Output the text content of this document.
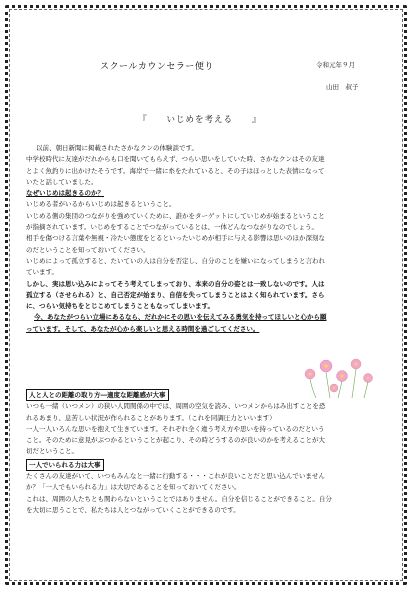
スクールカウンセラー便り	令和元年９月
山田　叔子
『　　いじめを考える　　』

以前、朝日新聞に掲載されたさかなクンの体験談です。

中学校時代に友達がだれからも口を聞いてもらえず、つらい思いをしていた時、さかなクンはその友達

とよく魚釣りに出かけたそうです。海岸で一緒に糸をたれていると、その子はほっとした表情になって

いたと話していました。

なぜいじめは起きるのか？

いじめる者がいるからいじめは起きるということ。

いじめる側の集団のつながりを強めていくために、誰かをターゲットにしていじめが始まるということ

が指摘されています。いじめをすることでつながっているとは、一体どんなつながりなのでしょう。

相手を傷つける言葉や無視・冷たい態度をとるといったいじめが相手に与える影響は思いのほか深刻な

のだということを知っておいてください。

いじめによって孤立すると、たいていの人は自分を否定し、自分のことを嫌いになってしまうと言われ

ています。

しかし、実は思い込みによってそう考えてしまっており、本来の自分の姿とは一致しないのです。人は

孤立する（させられる）と、自己否定が始まり、自信を失ってしまうことはよく知られています。さら

に、つらい気持ちをとじこめてしまうこともなってしまいます。

今、あなたがつらい立場にあるなら、だれかにその思いを伝えてみる勇気を持ってほしいと心から願

っています。そして、あなたが心から楽しいと思える時間を過ごしてください。

人と人との距離の取り方―適度な距離感が大事

いつも一緒（いつメン）の狭い人間関係の中では、周囲の空気を読み、いつメンからはみ出すことを恐

れるあまり、息苦しい状況が作られることがあります。（これを同調圧力といいます）

一人一人いろんな思いを抱えて生きています。それぞれ全く違う考え方や思いを持っているのだという

こと。そのために意見がぶつかるということが起こり、その時どうするのが良いのかを考えることが大

切だということ。

一人でいられる力は大事

たくさんの友達がいて、いつもみんなと一緒に行動する・・・これが良いことだと思い込んでいません

か？「一人でもいられる力」は大切であることを知っておいてください。

これは、周囲の人たちとも関わらないということではありません。自分を信じることができること。自分

を大切に思うことで、私たちは人とつながっていくことができるのです。
